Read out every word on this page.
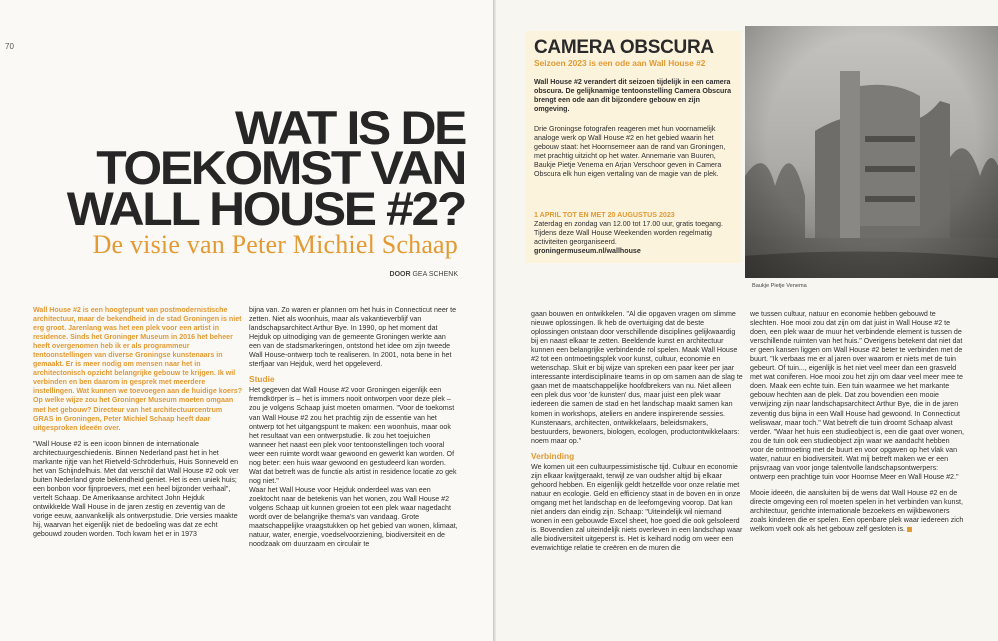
70
WAT IS DE
TOEKOMST VAN
WALL HOUSE #2?
De visie van Peter Michiel Schaap
DOOR GEA SCHENK

Wall House #2 is een hoogtepunt van postmodernistische architectuur, maar de bekendheid in de stad Groningen is niet erg groot. Jarenlang was het een plek voor een artist in residence. Sinds het Groninger Museum in 2016 het beheer heeft overgenomen heb ik er als programmeur tentoonstellingen van diverse Groningse kunstenaars in gemaakt. Er is meer nodig om mensen naar het in architectonisch opzicht belangrijke gebouw te krijgen. Ik wil verbinden en ben daarom in gesprek met meerdere instellingen. Wat kunnen we toevoegen aan de huidige koers? Op welke wijze zou het Groninger Museum moeten omgaan met het gebouw? Directeur van het architectuurcentrum GRAS in Groningen, Peter Michiel Schaap heeft daar uitgesproken ideeën over.

"Wall House #2 is een icoon binnen de internationale architectuurgeschiedenis. Binnen Nederland past het in het markante rijtje van het Rietveld-Schröderhuis, Huis Sonneveld en het van Schijndelhuis. Met dat verschil dat Wall House #2 ook ver buiten Nederland grote bekendheid geniet. Het is een uniek huis; een bonbon voor fijnproevers, met een heel bijzonder verhaal", vertelt Schaap. De Amerikaanse architect John Hejduk ontwikkelde Wall House in de jaren zestig en zeventig van de vorige eeuw, aanvankelijk als ontwerpstudie. Drie versies maakte hij, waarvan het eigenlijk niet de bedoeling was dat ze echt gebouwd zouden worden. Toch kwam het er in 1973

bijna van. Zo waren er plannen om het huis in Connecticut neer te zetten. Niet als woonhuis, maar als vakantieverblijf van landschapsarchitect Arthur Bye. In 1990, op het moment dat Hejduk op uitnodiging van de gemeente Groningen werkte aan een van de stadsmarkeringen, ontstond het idee om zijn tweede Wall House-ontwerp toch te realiseren. In 2001, nota bene in het sterfjaar van Hejduk, werd het opgeleverd.

Studie

Het gegeven dat Wall House #2 voor Groningen eigenlijk een fremdkörper is – het is immers nooit ontworpen voor deze plek – zou je volgens Schaap juist moeten omarmen. "Voor de toekomst van Wall House #2 zou het prachtig zijn de essentie van het ontwerp tot het uitgangspunt te maken: een woonhuis, maar ook het resultaat van een ontwerpstudie. Ik zou het toejuichen wanneer het naast een plek voor tentoonstellingen toch vooral weer een ruimte wordt waar gewoond en gewerkt kan worden. Of nog beter: een huis waar gewoond en gestudeerd kan worden. Wat dat betreft was de functie als artist in residence locatie zo gek nog niet."

Waar het Wall House voor Hejduk onderdeel was van een zoektocht naar de betekenis van het wonen, zou Wall House #2 volgens Schaap uit kunnen groeien tot een plek waar nagedacht wordt over de belangrijke thema's van vandaag. Grote maatschappelijke vraagstukken op het gebied van wonen, klimaat, natuur, water, energie, voedselvoorziening, biodiversiteit en de noodzaak om duurzaam en circulair te

CAMERA OBSCURA
Seizoen 2023 is een ode aan Wall House #2
Wall House #2 verandert dit seizoen tijdelijk in een camera obscura. De gelijknamige tentoonstelling Camera Obscura brengt een ode aan dit bijzondere gebouw en zijn omgeving.
Drie Groningse fotografen reageren met hun voornamelijk analoge werk op Wall House #2 en het gebied waarin het gebouw staat: het Hoornsemeer aan de rand van Groningen, met prachtig uitzicht op het water. Annemarie van Buuren, Baukje Pietje Venema en Arjan Verschoor geven in Camera Obscura elk hun eigen vertaling van de magie van de plek.
1 APRIL TOT EN MET 20 AUGUSTUS 2023
Zaterdag en zondag van 12.00 tot 17.00 uur, gratis toegang. Tijdens deze Wall House Weekenden worden regelmatig activiteiten georganiseerd.
groningermuseum.nl/wallhouse
Baukje Pietje Venema

gaan bouwen en ontwikkelen. "Al die opgaven vragen om slimme nieuwe oplossingen. Ik heb de overtuiging dat de beste oplossingen ontstaan door verschillende disciplines gelijkwaardig bij en naast elkaar te zetten. Beeldende kunst en architectuur kunnen een belangrijke verbindende rol spelen. Maak Wall House #2 tot een ontmoetingsplek voor kunst, cultuur, economie en wetenschap. Sluit er bij wijze van spreken een paar keer per jaar interessante interdisciplinaire teams in op om samen aan de slag te gaan met de maatschappelijke hoofdbrekers van nu. Niet alleen een plek dus voor 'de kunsten' dus, maar juist een plek waar iedereen die samen de stad en het landschap maakt samen kan komen in workshops, ateliers en andere inspirerende sessies. Kunstenaars, architecten, ontwikkelaars, beleidsmakers, bestuurders, bewoners, biologen, ecologen, productontwikkelaars: noem maar op."

Verbinding

We komen uit een cultuurpessimistische tijd. Cultuur en economie zijn elkaar kwijtgeraakt, terwijl ze van oudsher altijd bij elkaar gehoord hebben. En eigenlijk geldt hetzelfde voor onze relatie met natuur en ecologie. Geld en efficiency staat in de boven en in onze omgang met het landschap en de leefomgeving voorop. Dat kan niet anders dan eindig zijn. Schaap: "Uiteindelijk wil niemand wonen in een gebouwde Excel sheet, hoe goed die ook gelsoleerd is. Bovendien zal uiteindelijk niets overleven in een landschap waar alle biodiversiteit uitgeperst is. Het is keihard nodig om weer een evenwichtige relatie te creëren en de muren die

we tussen cultuur, natuur en economie hebben gebouwd te slechten. Hoe mooi zou dat zijn om dat juist in Wall House #2 te doen, een plek waar de muur het verbindende element is tussen de verschillende ruimten van het huis." Overigens betekent dat niet dat er geen kansen liggen om Wall House #2 beter te verbinden met de buurt. "Ik verbaas me er al jaren over waarom er niets met de tuin gebeurt. Of tuin..., eigenlijk is het niet veel meer dan een grasveld met wat coniferen. Hoe mooi zou het zijn om daar veel meer mee te doen. Maak een echte tuin. Een tuin waarmee we het markante gebouw hechten aan de plek. Dat zou bovendien een mooie verwijzing zijn naar landschapsarchitect Arthur Bye, die in de jaren zeventig dus bijna in een Wall House had gewoond. In Connecticut weliswaar, maar toch." Wat betreft die tuin droomt Schaap alvast verder. "Waar het huis een studieobject is, een die gaat over wonen, zou de tuin ook een studieobject zijn waar we aandacht hebben voor de ontmoeting met de buurt en voor opgaven op het vlak van water, natuur en biodiversiteit. Wat mij betreft maken we er een prijsvraag van voor jonge talentvolle landschapsontwerpers: ontwerp een prachtige tuin voor Hoornse Meer en Wall House #2."

Mooie ideeën, die aansluiten bij de wens dat Wall House #2 en de directe omgeving een rol moeten spelen in het verbinden van kunst, architectuur, gerichte internationale bezoekers en wijkbewoners zoals kinderen die er spelen. Een openbare plek waar iedereen zich welkom voelt ook als het gebouw zelf gesloten is.
